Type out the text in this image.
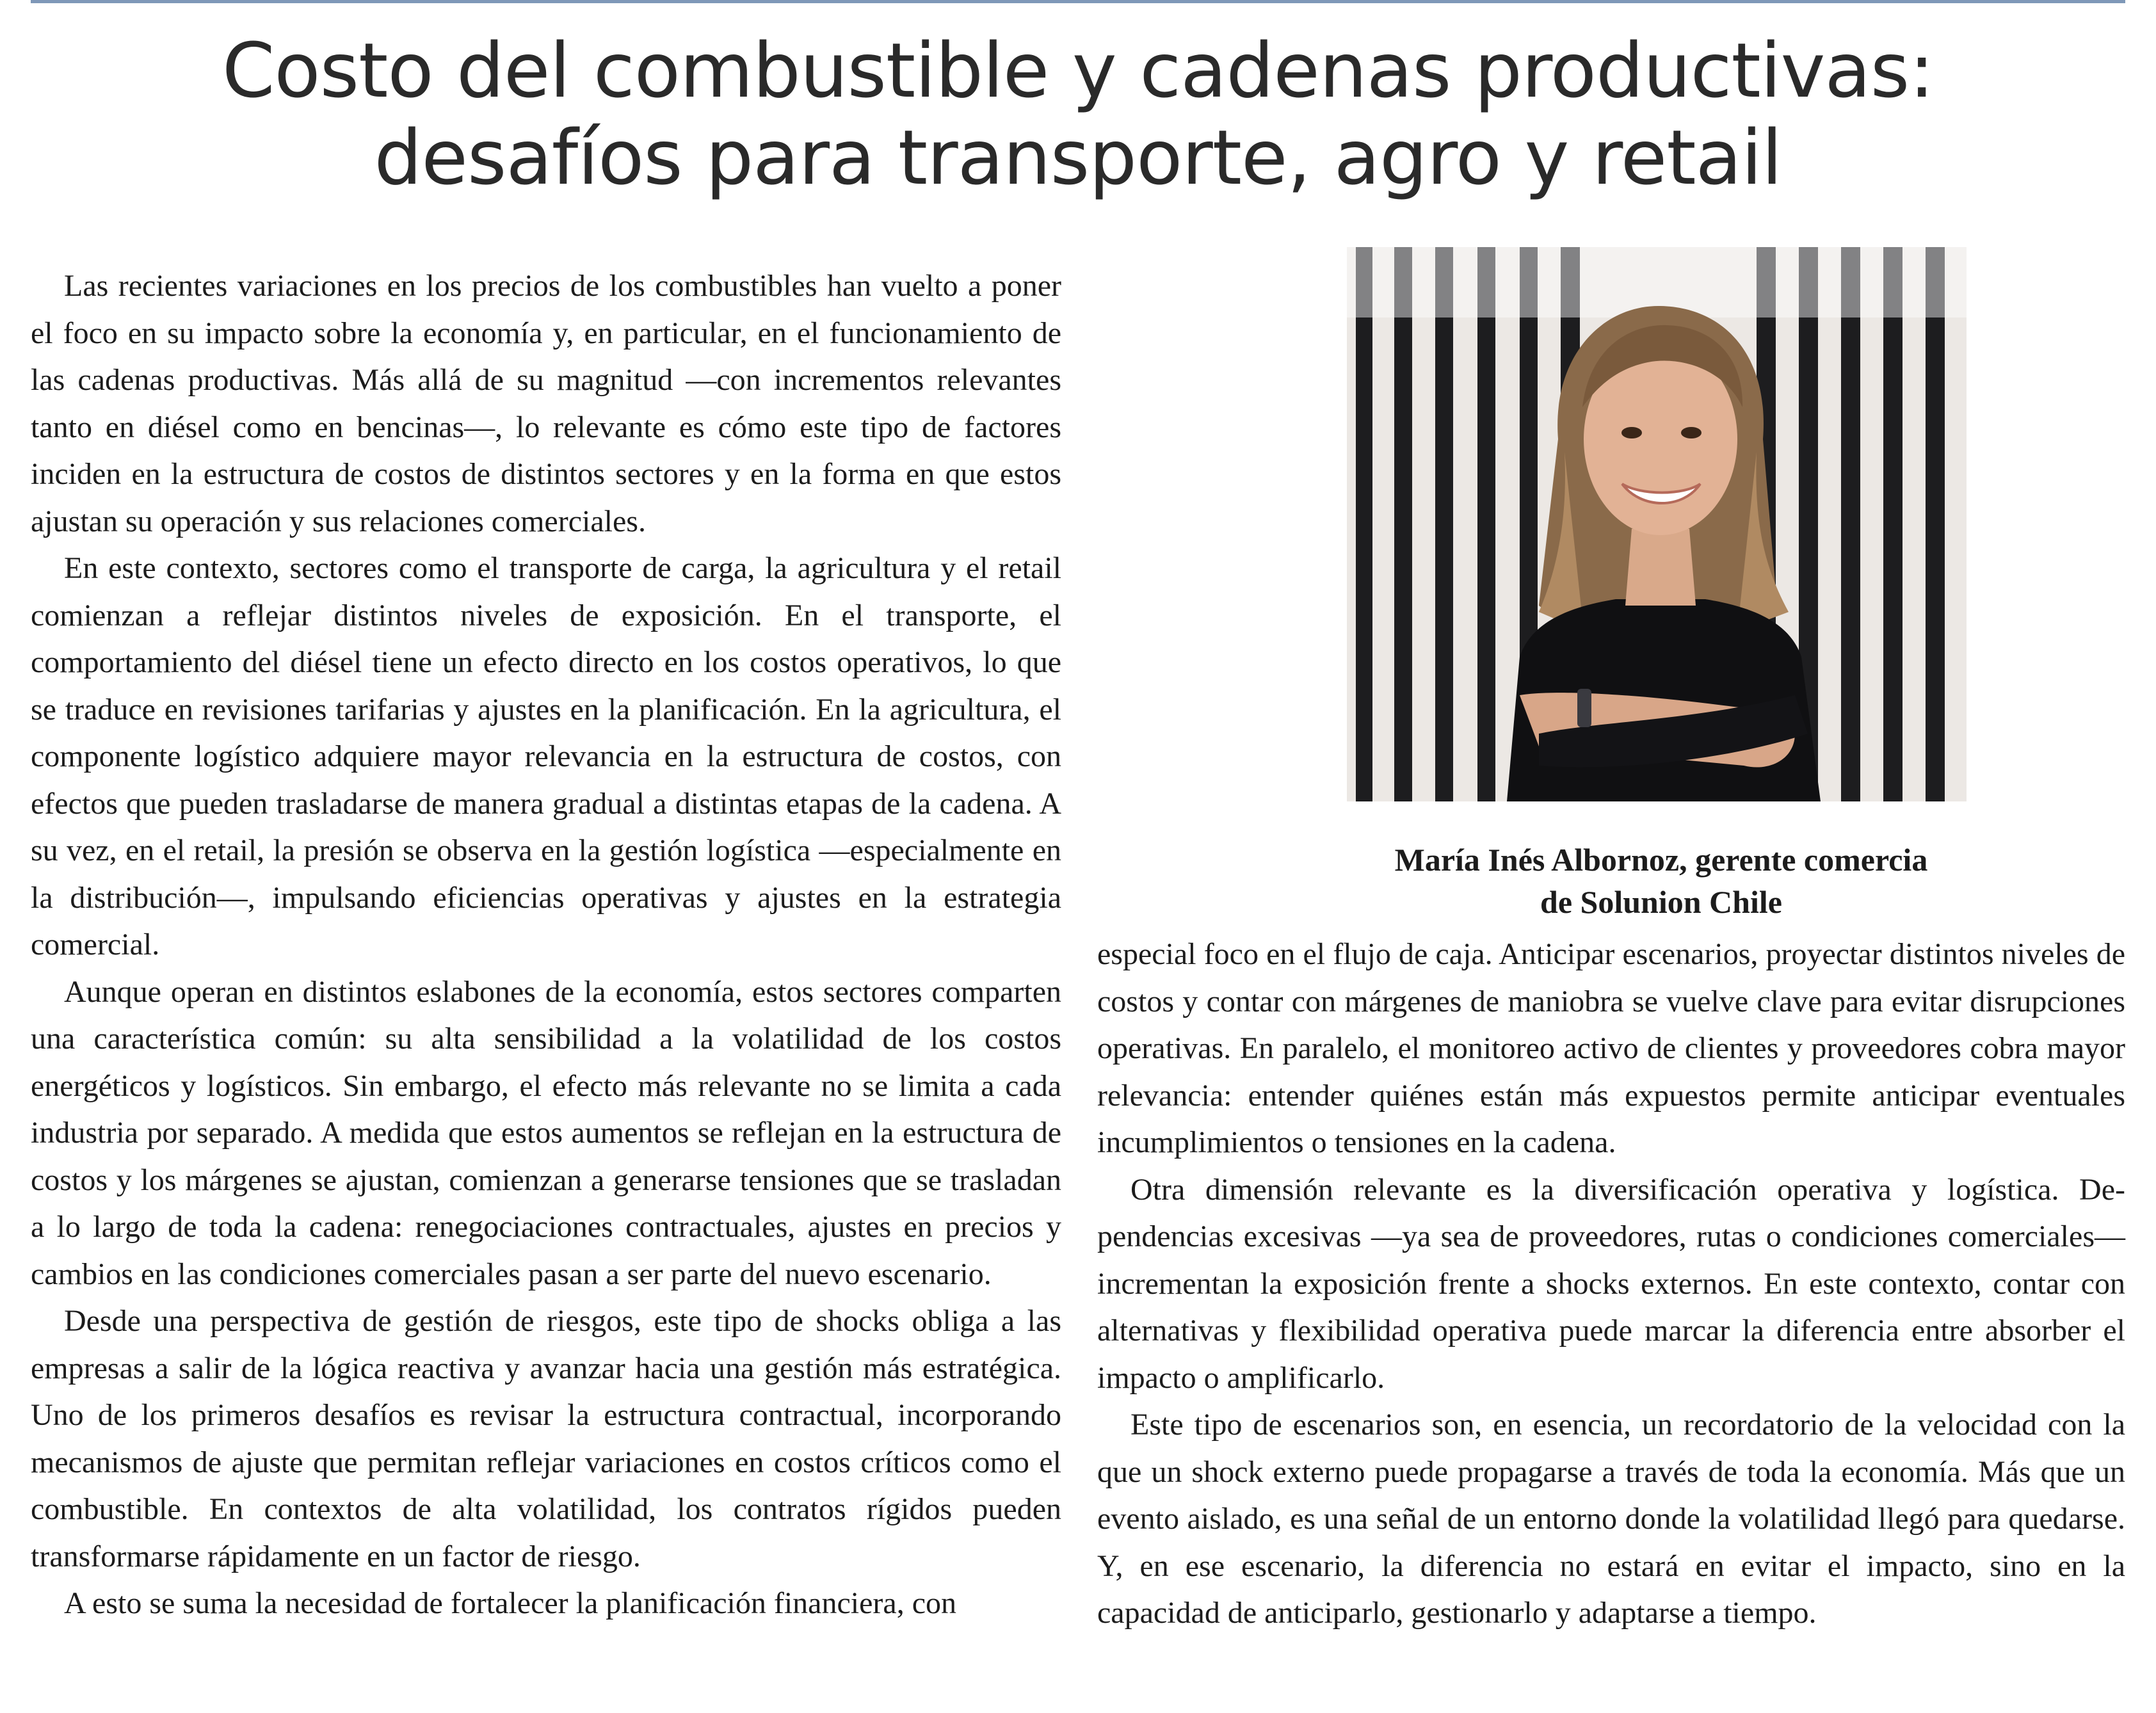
Costo del combustible y cadenas productivas:
desafíos para transporte, agro y retail

Las recientes variaciones en los precios de los combustibles han vuelto a poner el foco en su impacto sobre la economía y, en particular, en el funcionamiento de las cadenas productivas. Más allá de su magnitud —con incrementos relevantes tanto en diésel como en bencinas—, lo relevante es cómo este tipo de factores inciden en la estructura de costos de distintos sectores y en la forma en que estos ajustan su operación y sus relaciones comerciales.

En este contexto, sectores como el transporte de carga, la agricultura y el retail comienzan a reflejar distintos niveles de exposición. En el transporte, el comportamiento del diésel tiene un efecto directo en los costos operativos, lo que se traduce en revisiones tarifarias y ajustes en la planificación. En la agricultura, el componente logístico adquiere mayor relevancia en la estructura de costos, con efectos que pueden trasladarse de manera gradual a distintas etapas de la cadena. A su vez, en el retail, la presión se observa en la gestión logística —especialmente en la distribución—, impulsando eficiencias operativas y ajustes en la estrategia comercial.

Aunque operan en distintos eslabones de la economía, estos sectores comparten una característica común: su alta sensibilidad a la volatilidad de los costos energéticos y logísticos. Sin embargo, el efecto más relevante no se limita a cada industria por separado. A medida que estos aumentos se reflejan en la estructura de costos y los márgenes se ajustan, comienzan a generarse tensiones que se trasladan a lo largo de toda la cadena: renegociaciones contractuales, ajustes en precios y cambios en las condiciones comerciales pasan a ser parte del nuevo escenario.

Desde una perspectiva de gestión de riesgos, este tipo de shocks obliga a las empresas a salir de la lógica reactiva y avanzar hacia una gestión más estratégica. Uno de los primeros desafíos es revisar la estructura contractual, incorporando mecanismos de ajuste que permitan reflejar variaciones en costos críticos como el combustible. En contextos de alta volatilidad, los contratos rígidos pueden transformarse rápidamente en un factor de riesgo.

A esto se suma la necesidad de fortalecer la planificación financiera, con

María Inés Albornoz, gerente comercia
de Solunion Chile

especial foco en el flujo de caja. Anticipar escenarios, proyectar distintos niveles de costos y contar con márgenes de maniobra se vuelve clave para evitar disrupciones operativas. En paralelo, el monitoreo activo de clientes y proveedores cobra mayor relevancia: entender quiénes están más expuestos permite anticipar eventuales incumplimientos o tensiones en la cadena.

Otra dimensión relevante es la diversificación operativa y logística. Dependencias excesivas —ya sea de proveedores, rutas o condiciones comerciales—incrementan la exposición frente a shocks externos. En este contexto, contar con alternativas y flexibilidad operativa puede marcar la diferencia entre absorber el impacto o amplificarlo.

Este tipo de escenarios son, en esencia, un recordatorio de la velocidad con la que un shock externo puede propagarse a través de toda la economía. Más que un evento aislado, es una señal de un entorno donde la volatilidad llegó para quedarse. Y, en ese escenario, la diferencia no estará en evitar el impacto, sino en la capacidad de anticiparlo, gestionarlo y adaptarse a tiempo.
